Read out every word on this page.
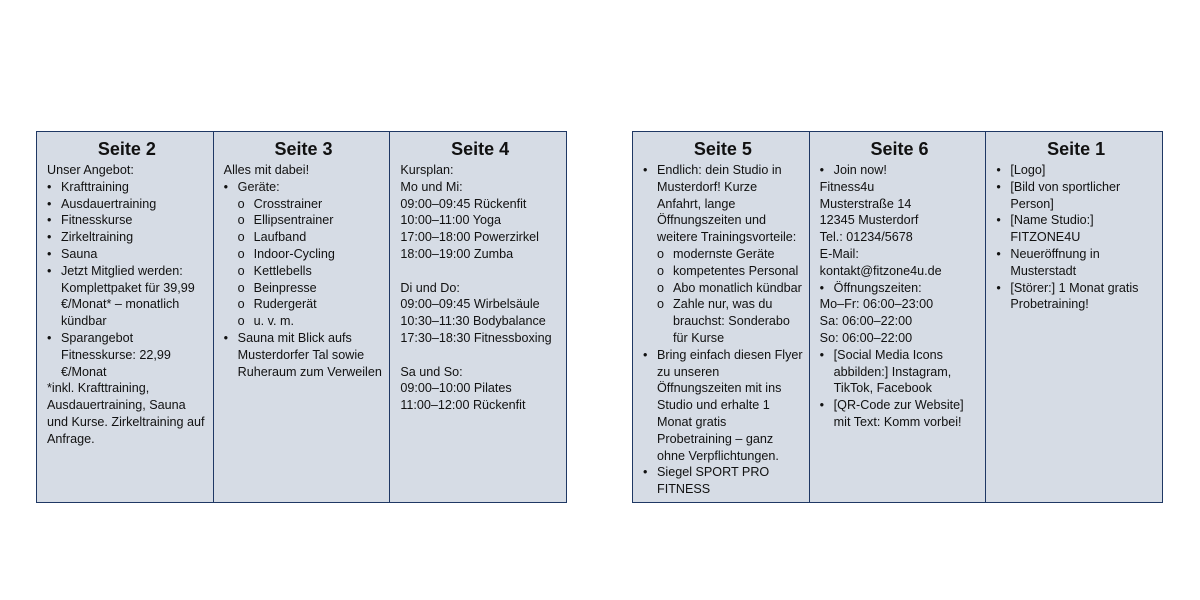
Seite 2
Unser Angebot:
• Krafttraining
• Ausdauertraining
• Fitnesskurse
• Zirkeltraining
• Sauna
• Jetzt Mitglied werden: Komplettpaket für 39,99 €/Monat* – monatlich kündbar
• Sparangebot Fitnesskurse: 22,99 €/Monat
*inkl. Krafttraining, Ausdauertraining, Sauna und Kurse. Zirkeltraining auf Anfrage.
Seite 3
Alles mit dabei!
• Geräte:
o Crosstrainer
o Ellipsentrainer
o Laufband
o Indoor-Cycling
o Kettlebells
o Beinpresse
o Rudergerät
o u. v. m.
• Sauna mit Blick aufs Musterdorfer Tal sowie Ruheraum zum Verweilen
Seite 4
Kursplan:
Mo und Mi:
09:00–09:45 Rückenfit
10:00–11:00 Yoga
17:00–18:00 Powerzirkel
18:00–19:00 Zumba
Di und Do:
09:00–09:45 Wirbelsäule
10:30–11:30 Bodybalance
17:30–18:30 Fitnessboxing
Sa und So:
09:00–10:00 Pilates
11:00–12:00 Rückenfit
Seite 5
• Endlich: dein Studio in Musterdorf! Kurze Anfahrt, lange Öffnungszeiten und weitere Trainingsvorteile:
o modernste Geräte
o kompetentes Personal
o Abo monatlich kündbar
o Zahle nur, was du brauchst: Sonderabo für Kurse
• Bring einfach diesen Flyer zu unseren Öffnungszeiten mit ins Studio und erhalte 1 Monat gratis Probetraining – ganz ohne Verpflichtungen.
• Siegel SPORT PRO FITNESS
Seite 6
• Join now!
Fitness4u
Musterstraße 14
12345 Musterdorf
Tel.: 01234/5678
E-Mail:
kontakt@fitzone4u.de
• Öffnungszeiten:
Mo–Fr: 06:00–23:00
Sa: 06:00–22:00
So: 06:00–22:00
• [Social Media Icons abbilden:] Instagram, TikTok, Facebook
• [QR-Code zur Website] mit Text: Komm vorbei!
Seite 1
• [Logo]
• [Bild von sportlicher Person]
• [Name Studio:] FITZONE4U
• Neueröffnung in Musterstadt
• [Störer:] 1 Monat gratis Probetraining!
